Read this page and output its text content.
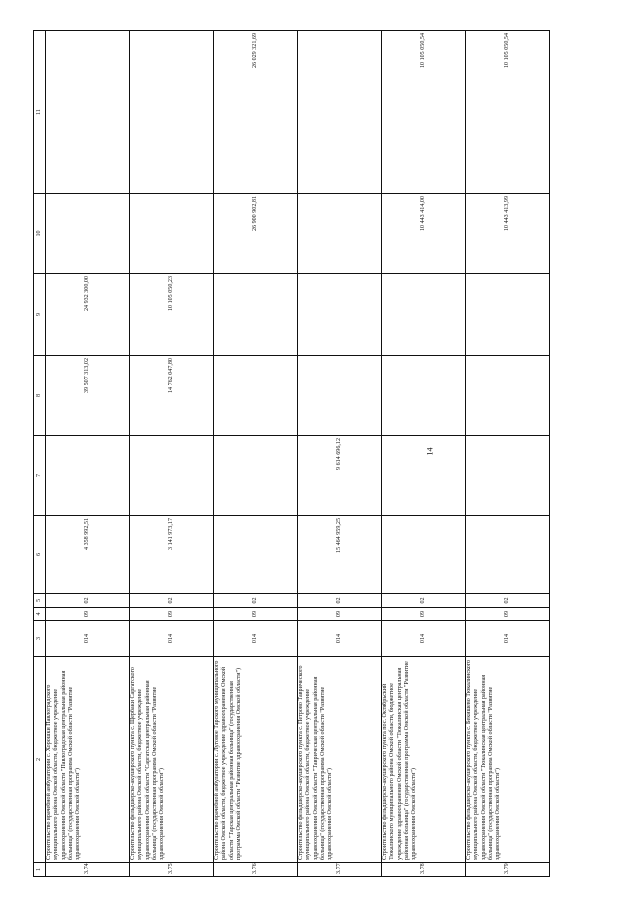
14
1	2	3	4	5	6	7	8	9	10	11
3.74	Строительство врачебной амбулатории с. Хорошки Павлоградского муниципального района Омской области, бюджетное учреждение здравоохранения Омской области "Павлоградская центральная районная больница" (государственная программа Омской области "Развитие здравоохранения Омской области")	014	09	02	4 358 992,51		39 507 313,02	24 932 300,00		
3.75	Строительство фельдшерско-акушерского пункта с. Щербаки Саргатского муниципального района Омской области, бюджетное учреждение здравоохранения Омской области "Саргатская центральная районная больница" (государственная программа Омской области "Развитие здравоохранения Омской области")	014	09	02	3 141 973,17		14 762 047,80	10 105 050,23		
3.76	Строительство врачебной амбулатории с. Луговое Тарского муниципального района Омской области, бюджетное учреждение здравоохранения Омской области "Тарская центральная районная больница" (государственная программа Омской области "Развитие здравоохранения Омской области")	014	09	02					26 900 902,81	26 029 321,69
3.77	Строительство фельдшерско-акушерского пункта с. Петрово Таврического муниципального района Омской области, бюджетное учреждение здравоохранения Омской области "Таврическая центральная районная больница" (государственная программа Омской области "Развитие здравоохранения Омской области")	014	09	02	15 464 959,25	9 614 696,12				
3.78	Строительство фельдшерско-акушерского пункта пос. Октябрьский Тюкалинского муниципального района Омской области, бюджетное учреждение здравоохранения Омской области "Тюкалинская центральная районная больница" (государственная программа Омской области "Развитие здравоохранения Омской области")	014	09	02					10 443 414,00	10 105 050,54
3.79	Строительство фельдшерско-акушерского пункта с. Бекишево Тюкалинского муниципального района Омской области, бюджетное учреждение здравоохранения Омской области "Тюкалинская центральная районная больница" (государственная программа Омской области "Развитие здравоохранения Омской области")	014	09	02					10 443 413,99	10 105 050,54
